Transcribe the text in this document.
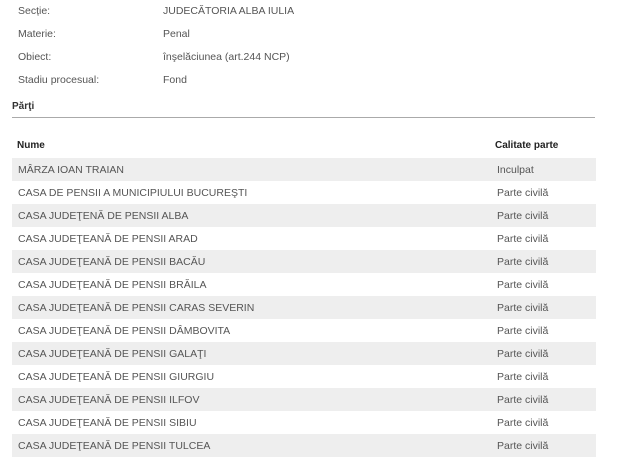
Secție:	JUDECĂTORIA ALBA IULIA
Materie:	Penal
Obiect:	înşelăciunea (art.244 NCP)
Stadiu procesual:	Fond
Părţi
Nume	Calitate parte
MÂRZA IOAN TRAIAN	Inculpat
CASA DE PENSII A MUNICIPIULUI BUCUREŞTI	Parte civilă
CASA JUDEŢENĂ DE PENSII ALBA	Parte civilă
CASA JUDEŢEANĂ DE PENSII ARAD	Parte civilă
CASA JUDEŢEANĂ DE PENSII BACĂU	Parte civilă
CASA JUDEŢEANĂ DE PENSII BRĂILA	Parte civilă
CASA JUDEŢEANĂ DE PENSII CARAS SEVERIN	Parte civilă
CASA JUDEŢEANĂ DE PENSII DÂMBOVITA	Parte civilă
CASA JUDEŢEANĂ DE PENSII GALAŢI	Parte civilă
CASA JUDEŢEANĂ DE PENSII GIURGIU	Parte civilă
CASA JUDEŢEANĂ DE PENSII ILFOV	Parte civilă
CASA JUDEŢEANĂ DE PENSII SIBIU	Parte civilă
CASA JUDEŢEANĂ DE PENSII TULCEA	Parte civilă
